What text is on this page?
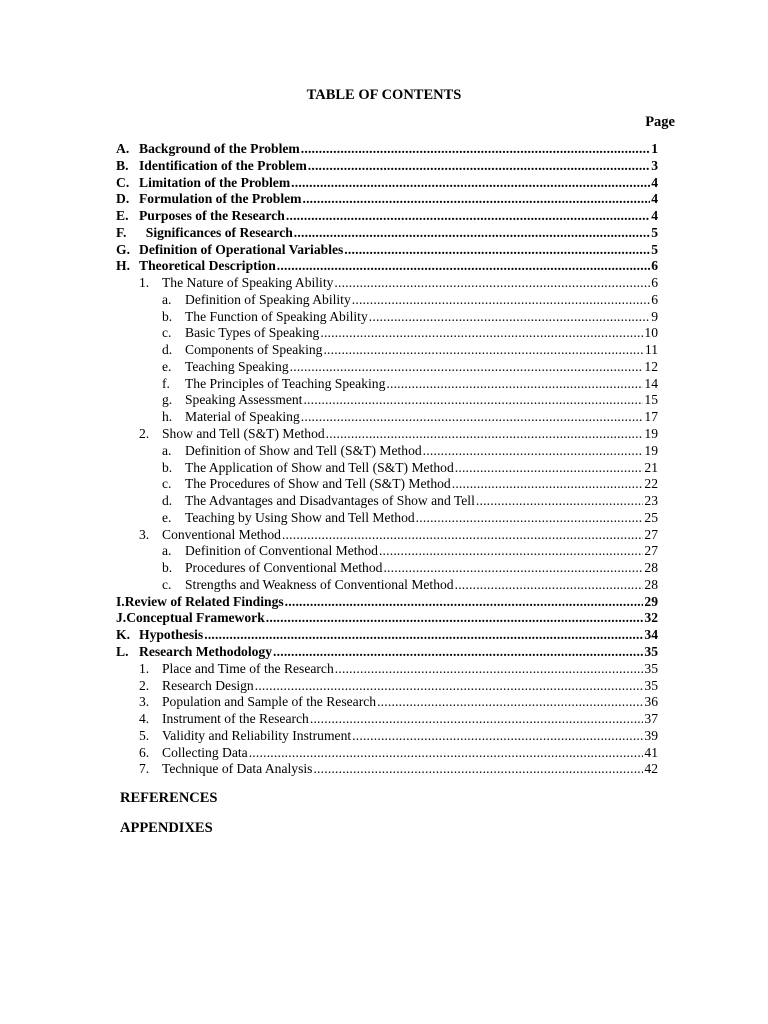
TABLE OF CONTENTS
Page
A. Background of the Problem .....	1
B. Identification of the Problem .....	3
C. Limitation of the Problem .....	4
D. Formulation of the Problem .....	4
E. Purposes of the Research .....	4
F. Significances of Research .....	5
G. Definition of Operational Variables .....	5
H. Theoretical Description .....	6
1. The Nature of Speaking Ability .....	6
a. Definition of Speaking Ability .....	6
b. The Function of Speaking Ability .....	9
c. Basic Types of Speaking .....	10
d. Components of Speaking .....	11
e. Teaching Speaking .....	12
f.	The Principles of Teaching Speaking .....	14
g. Speaking Assessment .....	15
h. Material of Speaking .....	17
2. Show and Tell (S&T) Method .....	19
a. Definition of Show and Tell (S&T) Method .....	19
b. The Application of Show and Tell (S&T) Method .....	21
c. The Procedures of Show and Tell (S&T) Method .....	22
d. The Advantages and Disadvantages of Show and Tell .....	23
e. Teaching by Using Show and Tell Method .....	25
3. Conventional Method .....	27
a. Definition of Conventional Method .....	27
b. Procedures of Conventional Method .....	28
c. Strengths and Weakness of Conventional Method .....	28
I.Review of Related Findings .....	29
J.Conceptual Framework .....	32
K. Hypothesis .....	34
L. Research Methodology .....	35
1. Place and Time of the Research .....	35
2. Research Design .....	35
3. Population and Sample of the Research .....	36
4. Instrument of the Research .....	37
5. Validity and Reliability Instrument .....	39
6. Collecting Data .....	41
7. Technique of Data Analysis .....	42
REFERENCES
APPENDIXES
